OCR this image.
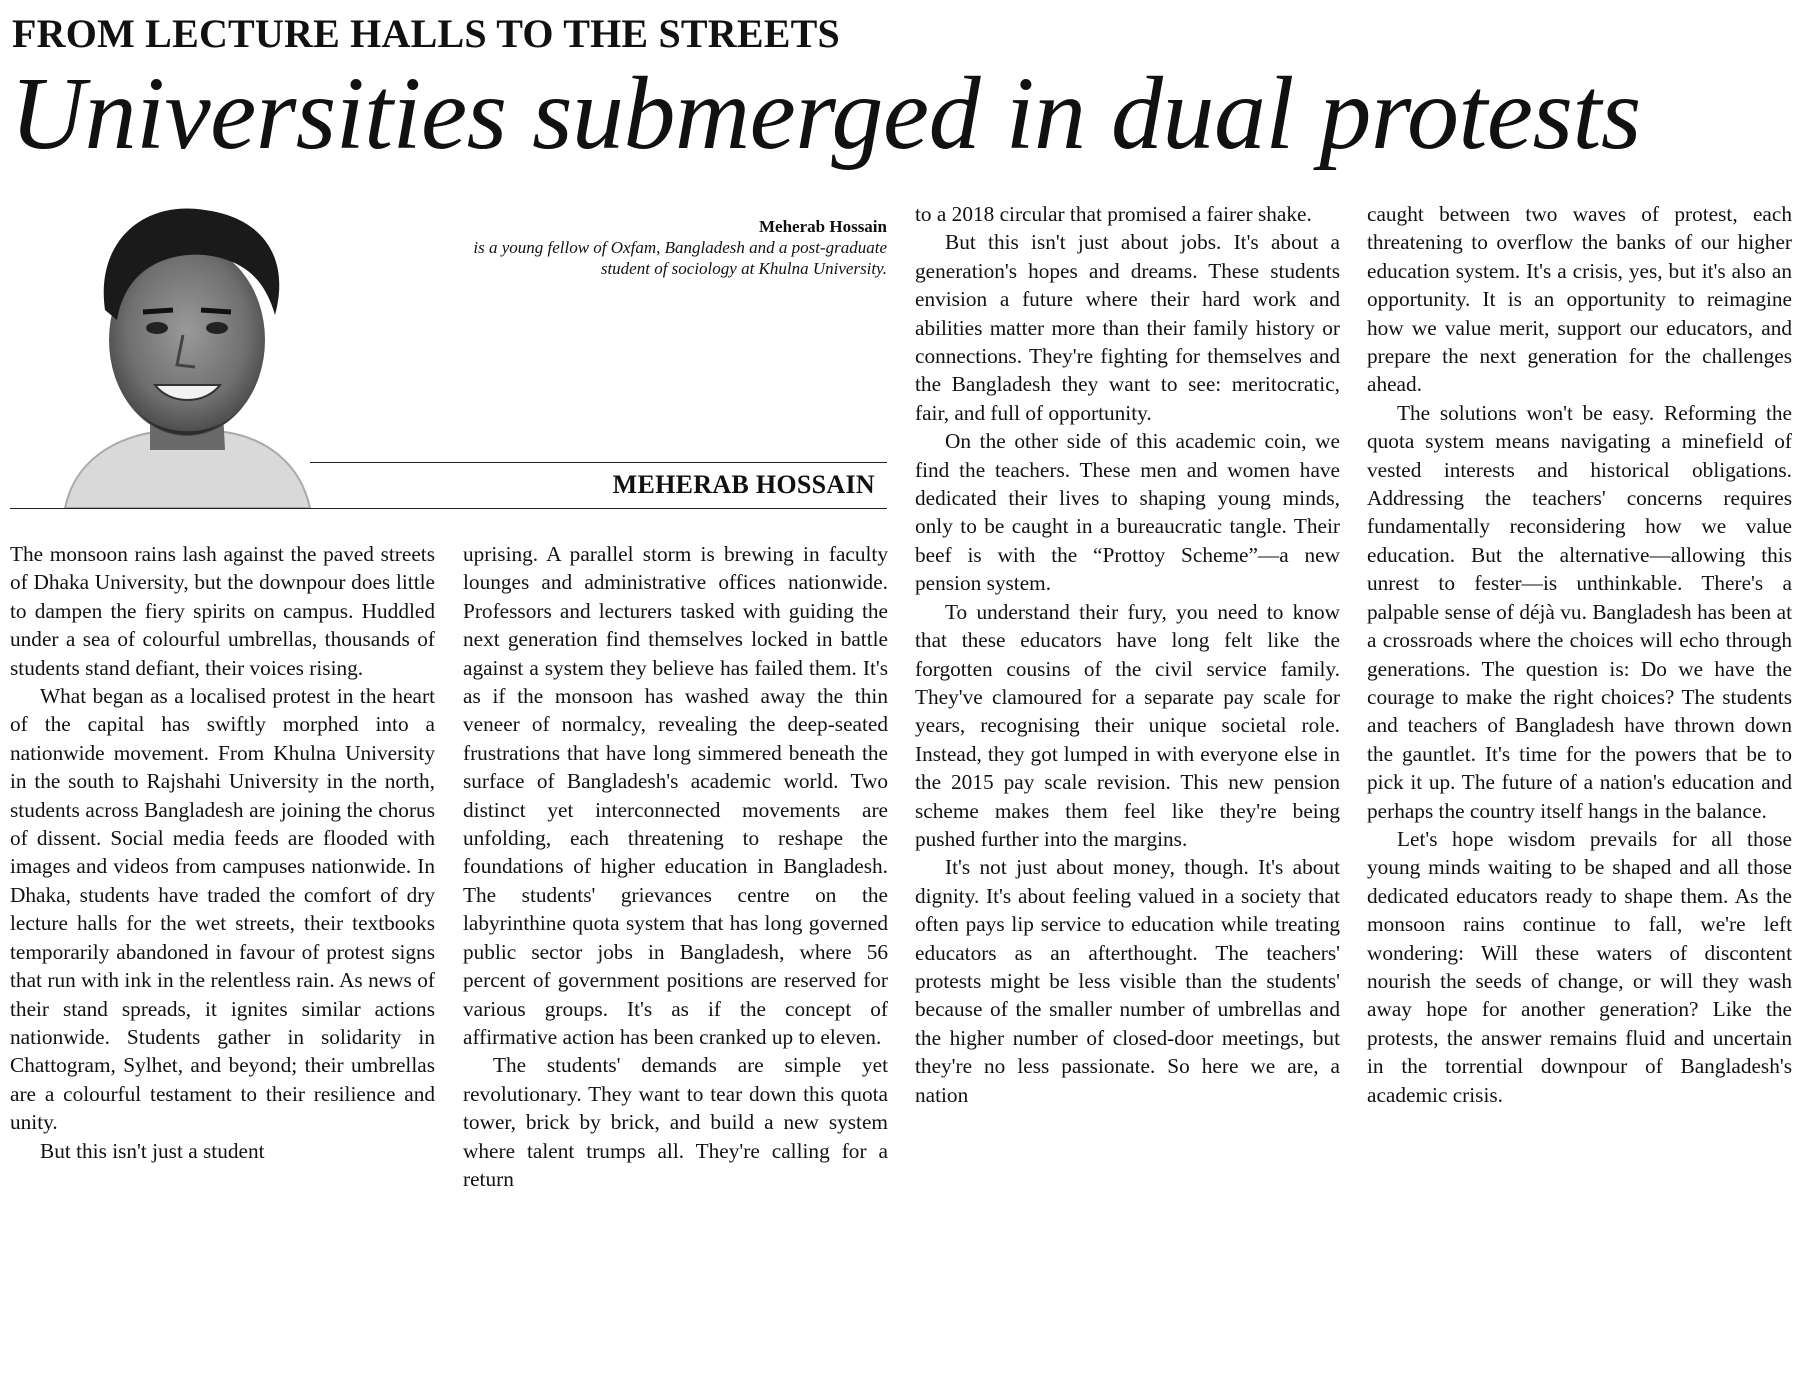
FROM LECTURE HALLS TO THE STREETS
Universities submerged in dual protests
Meherab Hossain
is a young fellow of Oxfam, Bangladesh and a post-graduate student of sociology at Khulna University.
MEHERAB HOSSAIN

The monsoon rains lash against the paved streets of Dhaka University, but the downpour does little to dampen the fiery spirits on campus. Huddled under a sea of colourful umbrellas, thousands of students stand defiant, their voices rising.

What began as a localised protest in the heart of the capital has swiftly morphed into a nationwide movement. From Khulna University in the south to Rajshahi University in the north, students across Bangladesh are joining the chorus of dissent. Social media feeds are flooded with images and videos from campuses nationwide. In Dhaka, students have traded the comfort of dry lecture halls for the wet streets, their textbooks temporarily abandoned in favour of protest signs that run with ink in the relentless rain. As news of their stand spreads, it ignites similar actions nationwide. Students gather in solidarity in Chattogram, Sylhet, and beyond; their umbrellas are a colourful testament to their resilience and unity.

But this isn't just a student

uprising. A parallel storm is brewing in faculty lounges and administrative offices nationwide. Professors and lecturers tasked with guiding the next generation find themselves locked in battle against a system they believe has failed them. It's as if the monsoon has washed away the thin veneer of normalcy, revealing the deep-seated frustrations that have long simmered beneath the surface of Bangladesh's academic world. Two distinct yet interconnected movements are unfolding, each threatening to reshape the foundations of higher education in Bangladesh. The students' grievances centre on the labyrinthine quota system that has long governed public sector jobs in Bangladesh, where 56 percent of government positions are reserved for various groups. It's as if the concept of affirmative action has been cranked up to eleven.

The students' demands are simple yet revolutionary. They want to tear down this quota tower, brick by brick, and build a new system where talent trumps all. They're calling for a return

to a 2018 circular that promised a fairer shake.

But this isn't just about jobs. It's about a generation's hopes and dreams. These students envision a future where their hard work and abilities matter more than their family history or connections. They're fighting for themselves and the Bangladesh they want to see: meritocratic, fair, and full of opportunity.

On the other side of this academic coin, we find the teachers. These men and women have dedicated their lives to shaping young minds, only to be caught in a bureaucratic tangle. Their beef is with the “Prottoy Scheme”—a new pension system.

To understand their fury, you need to know that these educators have long felt like the forgotten cousins of the civil service family. They've clamoured for a separate pay scale for years, recognising their unique societal role. Instead, they got lumped in with everyone else in the 2015 pay scale revision. This new pension scheme makes them feel like they're being pushed further into the margins.

It's not just about money, though. It's about dignity. It's about feeling valued in a society that often pays lip service to education while treating educators as an afterthought. The teachers' protests might be less visible than the students' because of the smaller number of umbrellas and the higher number of closed-door meetings, but they're no less passionate. So here we are, a nation

caught between two waves of protest, each threatening to overflow the banks of our higher education system. It's a crisis, yes, but it's also an opportunity. It is an opportunity to reimagine how we value merit, support our educators, and prepare the next generation for the challenges ahead.

The solutions won't be easy. Reforming the quota system means navigating a minefield of vested interests and historical obligations. Addressing the teachers' concerns requires fundamentally reconsidering how we value education. But the alternative—allowing this unrest to fester—is unthinkable. There's a palpable sense of déjà vu. Bangladesh has been at a crossroads where the choices will echo through generations. The question is: Do we have the courage to make the right choices? The students and teachers of Bangladesh have thrown down the gauntlet. It's time for the powers that be to pick it up. The future of a nation's education and perhaps the country itself hangs in the balance.

Let's hope wisdom prevails for all those young minds waiting to be shaped and all those dedicated educators ready to shape them. As the monsoon rains continue to fall, we're left wondering: Will these waters of discontent nourish the seeds of change, or will they wash away hope for another generation? Like the protests, the answer remains fluid and uncertain in the torrential downpour of Bangladesh's academic crisis.
